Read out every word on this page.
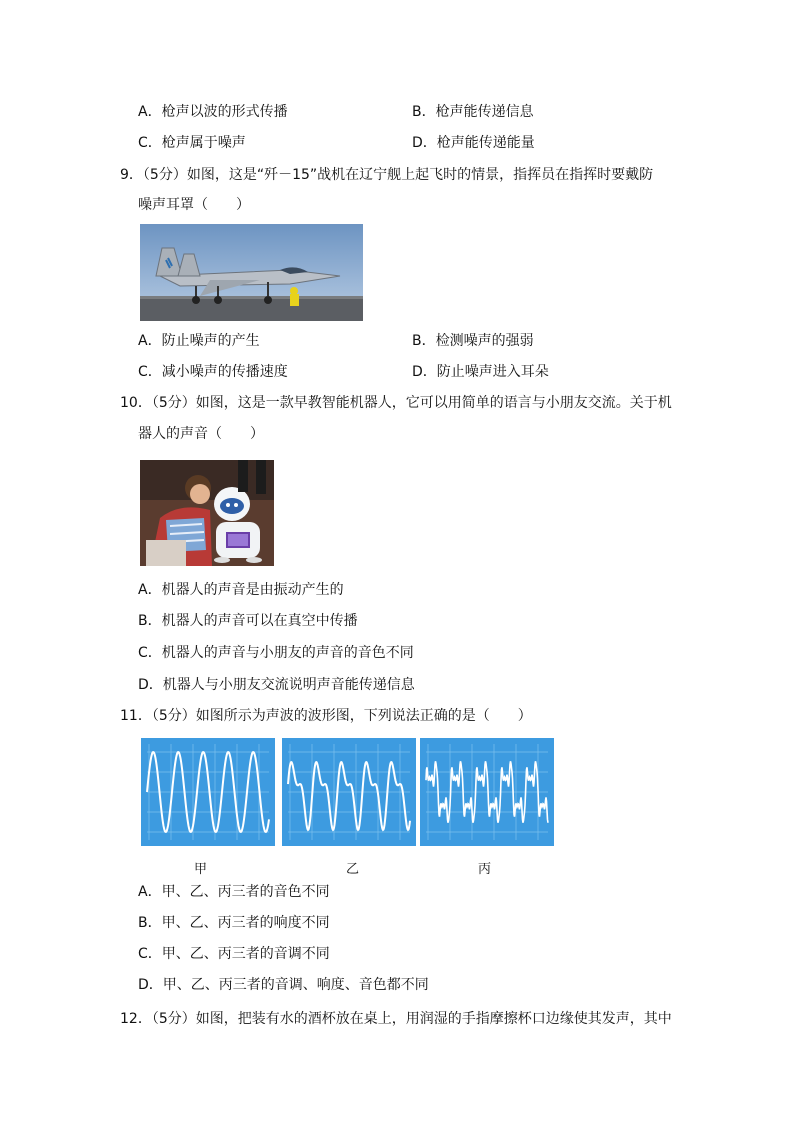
A．枪声以波的形式传播	B．枪声能传递信息
C．枪声属于噪声	D．枪声能传递能量
9．（5分）如图，这是“歼－15”战机在辽宁舰上起飞时的情景，指挥员在指挥时要戴防
噪声耳罩（　　）
A．防止噪声的产生	B．检测噪声的强弱
C．减小噪声的传播速度	D．防止噪声进入耳朵
10．（5分）如图，这是一款早教智能机器人，它可以用简单的语言与小朋友交流。关于机
器人的声音（　　）
A．机器人的声音是由振动产生的
B．机器人的声音可以在真空中传播
C．机器人的声音与小朋友的声音的音色不同
D．机器人与小朋友交流说明声音能传递信息
11．（5分）如图所示为声波的波形图，下列说法正确的是（　　）
甲	乙	丙
A．甲、乙、丙三者的音色不同
B．甲、乙、丙三者的响度不同
C．甲、乙、丙三者的音调不同
D．甲、乙、丙三者的音调、响度、音色都不同
12．（5分）如图，把装有水的酒杯放在桌上，用润湿的手指摩擦杯口边缘使其发声，其中
